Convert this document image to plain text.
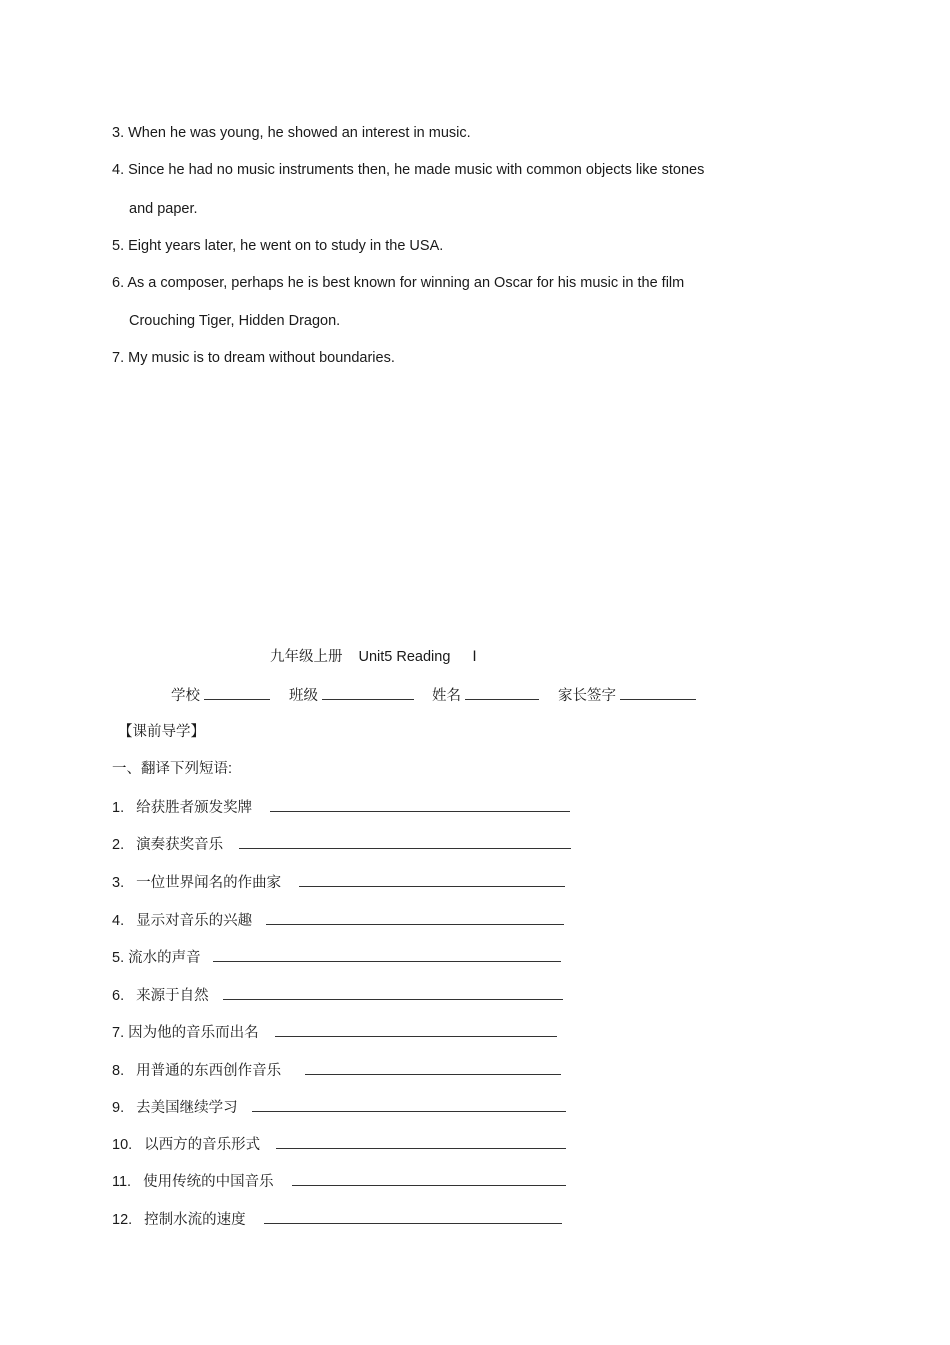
3. When he was young, he showed an interest in music.
4. Since he had no music instruments then, he made music with common objects like stones
and paper.
5. Eight years later, he went on to study in the USA.
6. As a composer, perhaps he is best known for winning an Oscar for his music in the film
Crouching Tiger, Hidden Dragon.
7. My music is to dream without boundaries.
九年级上册 Unit5 Reading Ⅰ
学校	班级	姓名	家长签字
【课前导学】
一、翻译下列短语:
1. 给获胜者颁发奖牌
2. 演奏获奖音乐
3. 一位世界闻名的作曲家
4. 显示对音乐的兴趣
5. 流水的声音
6. 来源于自然
7. 因为他的音乐而出名
8. 用普通的东西创作音乐
9. 去美国继续学习
10. 以西方的音乐形式
11. 使用传统的中国音乐
12. 控制水流的速度
